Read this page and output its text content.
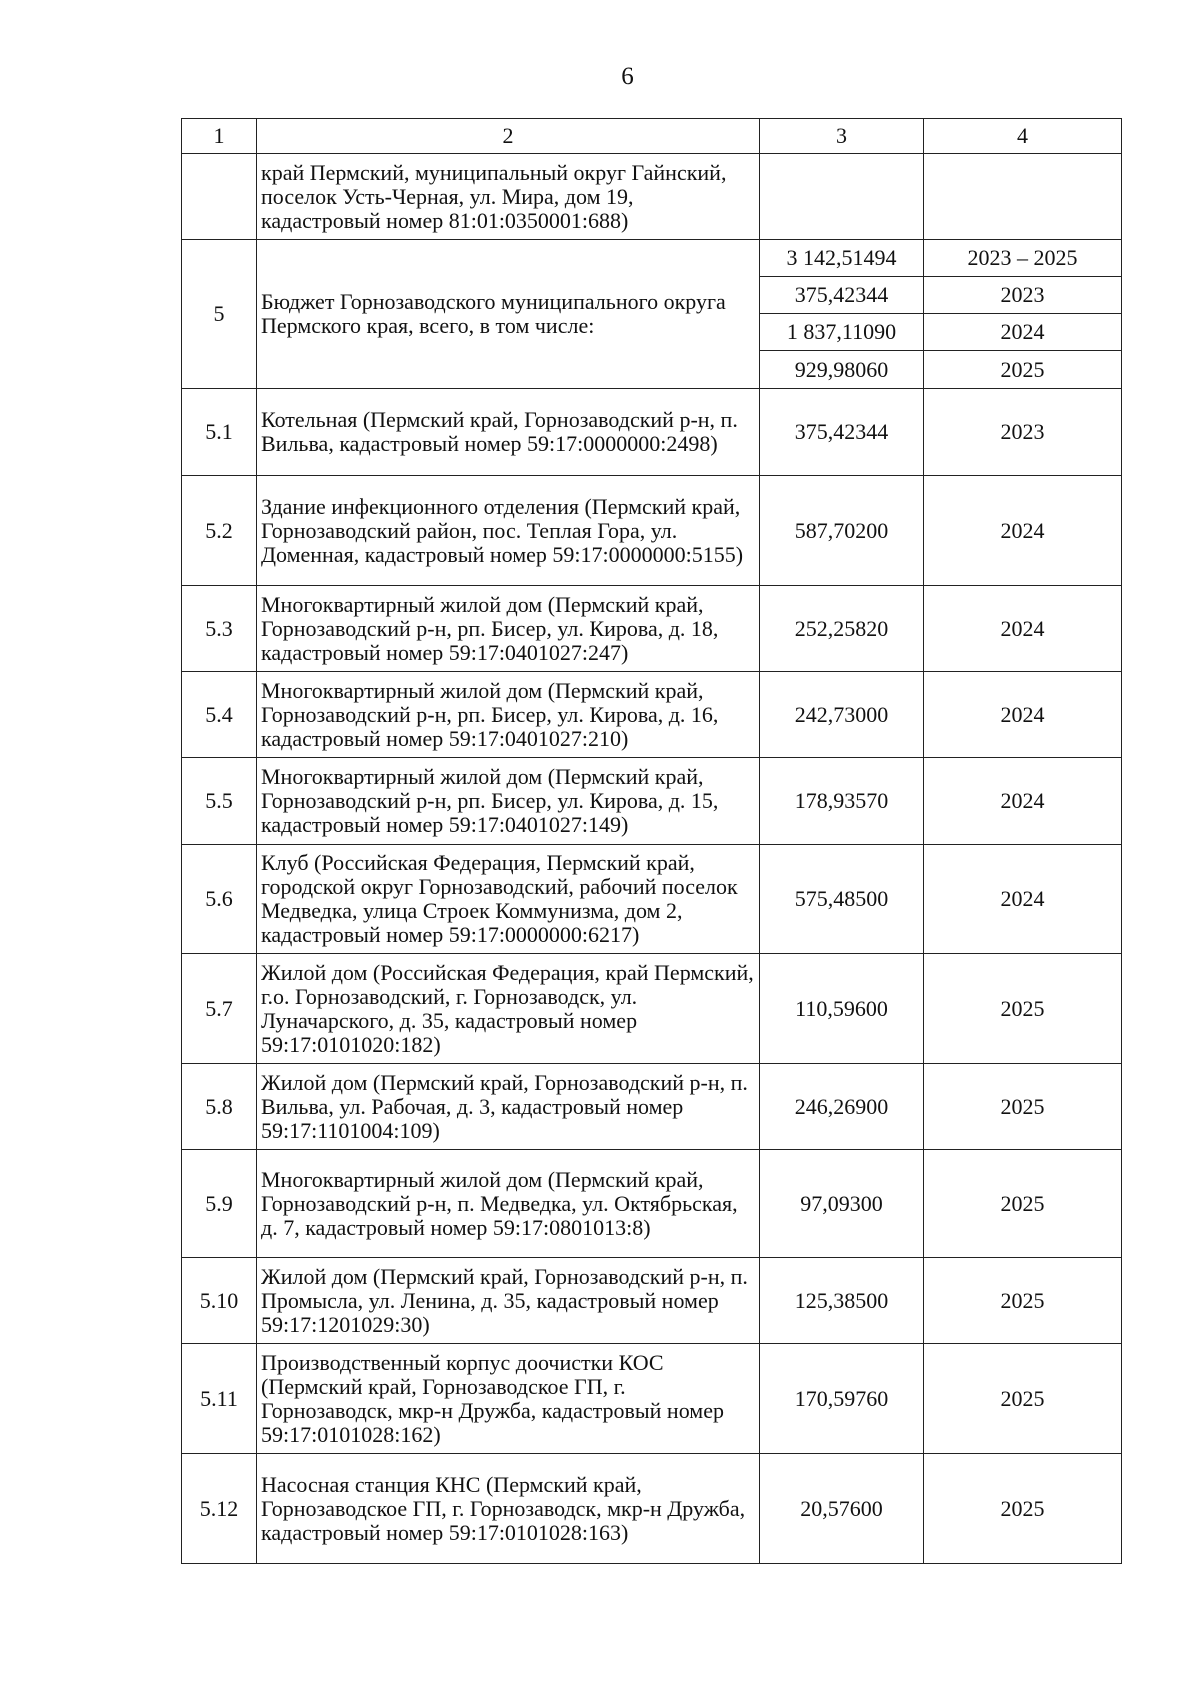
6
1	2	3	4
	край Пермский, муниципальный округ Гайнский, поселок Усть-Черная, ул. Мира, дом 19, кадастровый номер 81:01:0350001:688)		
5	Бюджет Горнозаводского муниципального округа Пермского края, всего, в том числе:	3 142,51494	2023 – 2025
		375,42344	2023
		1 837,11090	2024
		929,98060	2025
5.1	Котельная (Пермский край, Горнозаводский р-н, п. Вильва, кадастровый номер 59:17:0000000:2498)	375,42344	2023
5.2	Здание инфекционного отделения (Пермский край, Горнозаводский район, пос. Теплая Гора, ул. Доменная, кадастровый номер 59:17:0000000:5155)	587,70200	2024
5.3	Многоквартирный жилой дом (Пермский край, Горнозаводский р-н, рп. Бисер, ул. Кирова, д. 18, кадастровый номер 59:17:0401027:247)	252,25820	2024
5.4	Многоквартирный жилой дом (Пермский край, Горнозаводский р-н, рп. Бисер, ул. Кирова, д. 16, кадастровый номер 59:17:0401027:210)	242,73000	2024
5.5	Многоквартирный жилой дом (Пермский край, Горнозаводский р-н, рп. Бисер, ул. Кирова, д. 15, кадастровый номер 59:17:0401027:149)	178,93570	2024
5.6	Клуб (Российская Федерация, Пермский край, городской округ Горнозаводский, рабочий поселок Медведка, улица Строек Коммунизма, дом 2, кадастровый номер 59:17:0000000:6217)	575,48500	2024
5.7	Жилой дом (Российская Федерация, край Пермский, г.о. Горнозаводский, г. Горнозаводск, ул. Луначарского, д. 35, кадастровый номер 59:17:0101020:182)	110,59600	2025
5.8	Жилой дом (Пермский край, Горнозаводский р-н, п. Вильва, ул. Рабочая, д. 3, кадастровый номер 59:17:1101004:109)	246,26900	2025
5.9	Многоквартирный жилой дом (Пермский край, Горнозаводский р-н, п. Медведка, ул. Октябрьская, д. 7, кадастровый номер 59:17:0801013:8)	97,09300	2025
5.10	Жилой дом (Пермский край, Горнозаводский р-н, п. Промысла, ул. Ленина, д. 35, кадастровый номер 59:17:1201029:30)	125,38500	2025
5.11	Производственный корпус доочистки КОС (Пермский край, Горнозаводское ГП, г. Горнозаводск, мкр-н Дружба, кадастровый номер 59:17:0101028:162)	170,59760	2025
5.12	Насосная станция КНС (Пермский край, Горнозаводское ГП, г. Горнозаводск, мкр-н Дружба, кадастровый номер 59:17:0101028:163)	20,57600	2025
